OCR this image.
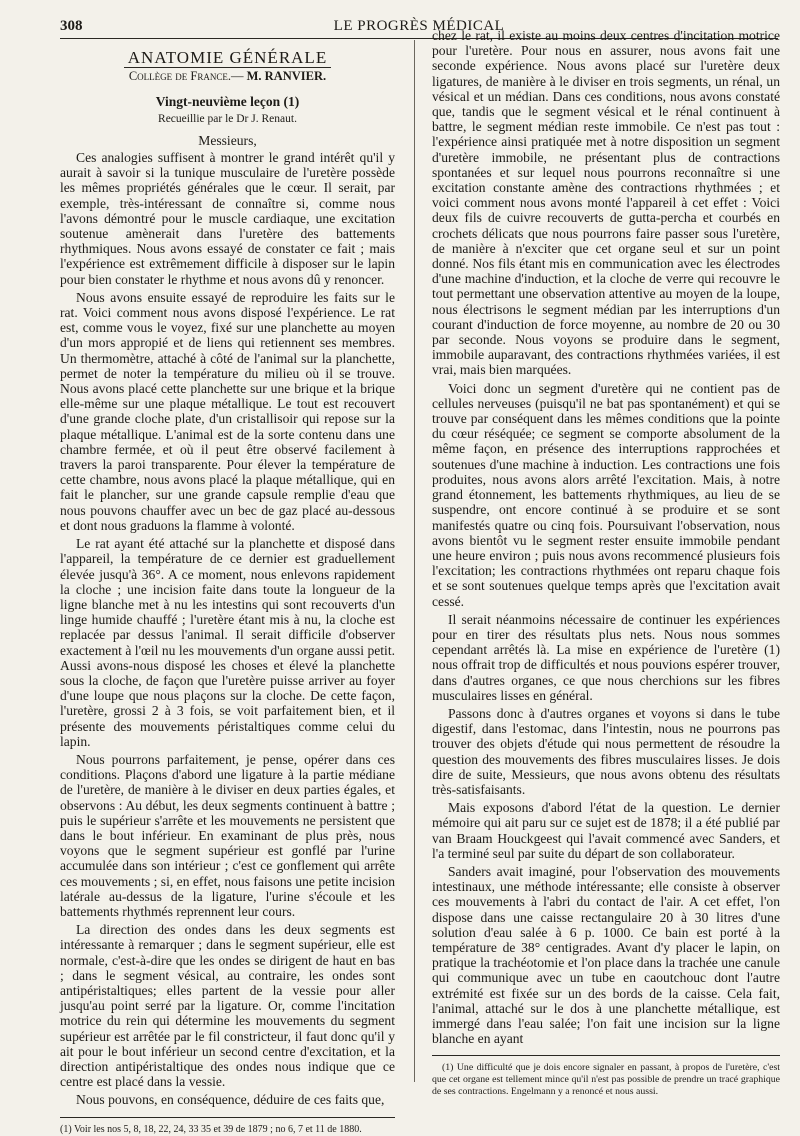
308	LE PROGRÈS MÉDICAL
ANATOMIE GÉNÉRALE
Collège de France.— M. RANVIER.
Vingt-neuvième leçon (1)
Recueillie par le Dr J. Renaut.
Messieurs,

Ces analogies suffisent à montrer le grand intérêt qu'il y aurait à savoir si la tunique musculaire de l'uretère possède les mêmes propriétés générales que le cœur. Il serait, par exemple, très-intéressant de connaître si, comme nous l'avons démontré pour le muscle cardiaque, une excitation soutenue amènerait dans l'uretère des battements rhythmiques. Nous avons essayé de constater ce fait ; mais l'expérience est extrêmement difficile à disposer sur le lapin pour bien constater le rhythme et nous avons dû y renoncer.

Nous avons ensuite essayé de reproduire les faits sur le rat. Voici comment nous avons disposé l'expérience. Le rat est, comme vous le voyez, fixé sur une planchette au moyen d'un mors appropié et de liens qui retiennent ses membres. Un thermomètre, attaché à côté de l'animal sur la planchette, permet de noter la température du milieu où il se trouve. Nous avons placé cette planchette sur une brique et la brique elle-même sur une plaque métallique. Le tout est recouvert d'une grande cloche plate, d'un cristallisoir qui repose sur la plaque métallique. L'animal est de la sorte contenu dans une chambre fermée, et où il peut être observé facilement à travers la paroi transparente. Pour élever la température de cette chambre, nous avons placé la plaque métallique, qui en fait le plancher, sur une grande capsule remplie d'eau que nous pouvons chauffer avec un bec de gaz placé au-dessous et dont nous graduons la flamme à volonté.

Le rat ayant été attaché sur la planchette et disposé dans l'appareil, la température de ce dernier est graduellement élevée jusqu'à 36°. A ce moment, nous enlevons rapidement la cloche ; une incision faite dans toute la longueur de la ligne blanche met à nu les intestins qui sont recouverts d'un linge humide chauffé ; l'uretère étant mis à nu, la cloche est replacée par dessus l'animal. Il serait difficile d'observer exactement à l'œil nu les mouvements d'un organe aussi petit. Aussi avons-nous disposé les choses et élevé la planchette sous la cloche, de façon que l'uretère puisse arriver au foyer d'une loupe que nous plaçons sur la cloche. De cette façon, l'uretère, grossi 2 à 3 fois, se voit parfaitement bien, et il présente des mouvements péristaltiques comme celui du lapin.

Nous pourrons parfaitement, je pense, opérer dans ces conditions. Plaçons d'abord une ligature à la partie médiane de l'uretère, de manière à le diviser en deux parties égales, et observons : Au début, les deux segments continuent à battre ; puis le supérieur s'arrête et les mouvements ne persistent que dans le bout inférieur. En examinant de plus près, nous voyons que le segment supérieur est gonflé par l'urine accumulée dans son intérieur ; c'est ce gonflement qui arrête ces mouvements ; si, en effet, nous faisons une petite incision latérale au-dessus de la ligature, l'urine s'écoule et les battements rhythmés reprennent leur cours.

La direction des ondes dans les deux segments est intéressante à remarquer ; dans le segment supérieur, elle est normale, c'est-à-dire que les ondes se dirigent de haut en bas ; dans le segment vésical, au contraire, les ondes sont antipéristaltiques; elles partent de la vessie pour aller jusqu'au point serré par la ligature. Or, comme l'incitation motrice du rein qui détermine les mouvements du segment supérieur est arrêtée par le fil constricteur, il faut donc qu'il y ait pour le bout inférieur un second centre d'excitation, et la direction antipéristaltique des ondes nous indique que ce centre est placé dans la vessie.

Nous pouvons, en conséquence, déduire de ces faits que,

(1) Voir les nos 5, 8, 18, 22, 24, 33 35 et 39 de 1879 ; no 6, 7 et 11 de 1880.

chez le rat, il existe au moins deux centres d'incitation motrice pour l'uretère. Pour nous en assurer, nous avons fait une seconde expérience. Nous avons placé sur l'uretère deux ligatures, de manière à le diviser en trois segments, un rénal, un vésical et un médian. Dans ces conditions, nous avons constaté que, tandis que le segment vésical et le rénal continuent à battre, le segment médian reste immobile. Ce n'est pas tout : l'expérience ainsi pratiquée met à notre disposition un segment d'uretère immobile, ne présentant plus de contractions spontanées et sur lequel nous pourrons reconnaître si une excitation constante amène des contractions rhythmées ; et voici comment nous avons monté l'appareil à cet effet : Voici deux fils de cuivre recouverts de gutta-percha et courbés en crochets délicats que nous pourrons faire passer sous l'uretère, de manière à n'exciter que cet organe seul et sur un point donné. Nos fils étant mis en communication avec les électrodes d'une machine d'induction, et la cloche de verre qui recouvre le tout permettant une observation attentive au moyen de la loupe, nous électrisons le segment médian par les interruptions d'un courant d'induction de force moyenne, au nombre de 20 ou 30 par seconde. Nous voyons se produire dans le segment, immobile auparavant, des contractions rhythmées variées, il est vrai, mais bien marquées.

Voici donc un segment d'uretère qui ne contient pas de cellules nerveuses (puisqu'il ne bat pas spontanément) et qui se trouve par conséquent dans les mêmes conditions que la pointe du cœur réséquée; ce segment se comporte absolument de la même façon, en présence des interruptions rapprochées et soutenues d'une machine à induction. Les contractions une fois produites, nous avons alors arrêté l'excitation. Mais, à notre grand étonnement, les battements rhythmiques, au lieu de se suspendre, ont encore continué à se produire et se sont manifestés quatre ou cinq fois. Poursuivant l'observation, nous avons bientôt vu le segment rester ensuite immobile pendant une heure environ ; puis nous avons recommencé plusieurs fois l'excitation; les contractions rhythmées ont reparu chaque fois et se sont soutenues quelque temps après que l'excitation avait cessé.

Il serait néanmoins nécessaire de continuer les expériences pour en tirer des résultats plus nets. Nous nous sommes cependant arrêtés là. La mise en expérience de l'uretère (1) nous offrait trop de difficultés et nous pouvions espérer trouver, dans d'autres organes, ce que nous cherchions sur les fibres musculaires lisses en général.

Passons donc à d'autres organes et voyons si dans le tube digestif, dans l'estomac, dans l'intestin, nous ne pourrons pas trouver des objets d'étude qui nous permettent de résoudre la question des mouvements des fibres musculaires lisses. Je dois dire de suite, Messieurs, que nous avons obtenu des résultats très-satisfaisants.

Mais exposons d'abord l'état de la question. Le dernier mémoire qui ait paru sur ce sujet est de 1878; il a été publié par van Braam Houckgeest qui l'avait commencé avec Sanders, et l'a terminé seul par suite du départ de son collaborateur.

Sanders avait imaginé, pour l'observation des mouvements intestinaux, une méthode intéressante; elle consiste à observer ces mouvements à l'abri du contact de l'air. A cet effet, l'on dispose dans une caisse rectangulaire 20 à 30 litres d'une solution d'eau salée à 6 p. 1000. Ce bain est porté à la température de 38° centigrades. Avant d'y placer le lapin, on pratique la trachéotomie et l'on place dans la trachée une canule qui communique avec un tube en caoutchouc dont l'autre extrémité est fixée sur un des bords de la caisse. Cela fait, l'animal, attaché sur le dos à une planchette métallique, est immergé dans l'eau salée; l'on fait une incision sur la ligne blanche en ayant

(1) Une difficulté que je dois encore signaler en passant, à propos de l'uretère, c'est que cet organe est tellement mince qu'il n'est pas possible de prendre un tracé graphique de ses contractions. Engelmann y a renoncé et nous aussi.
